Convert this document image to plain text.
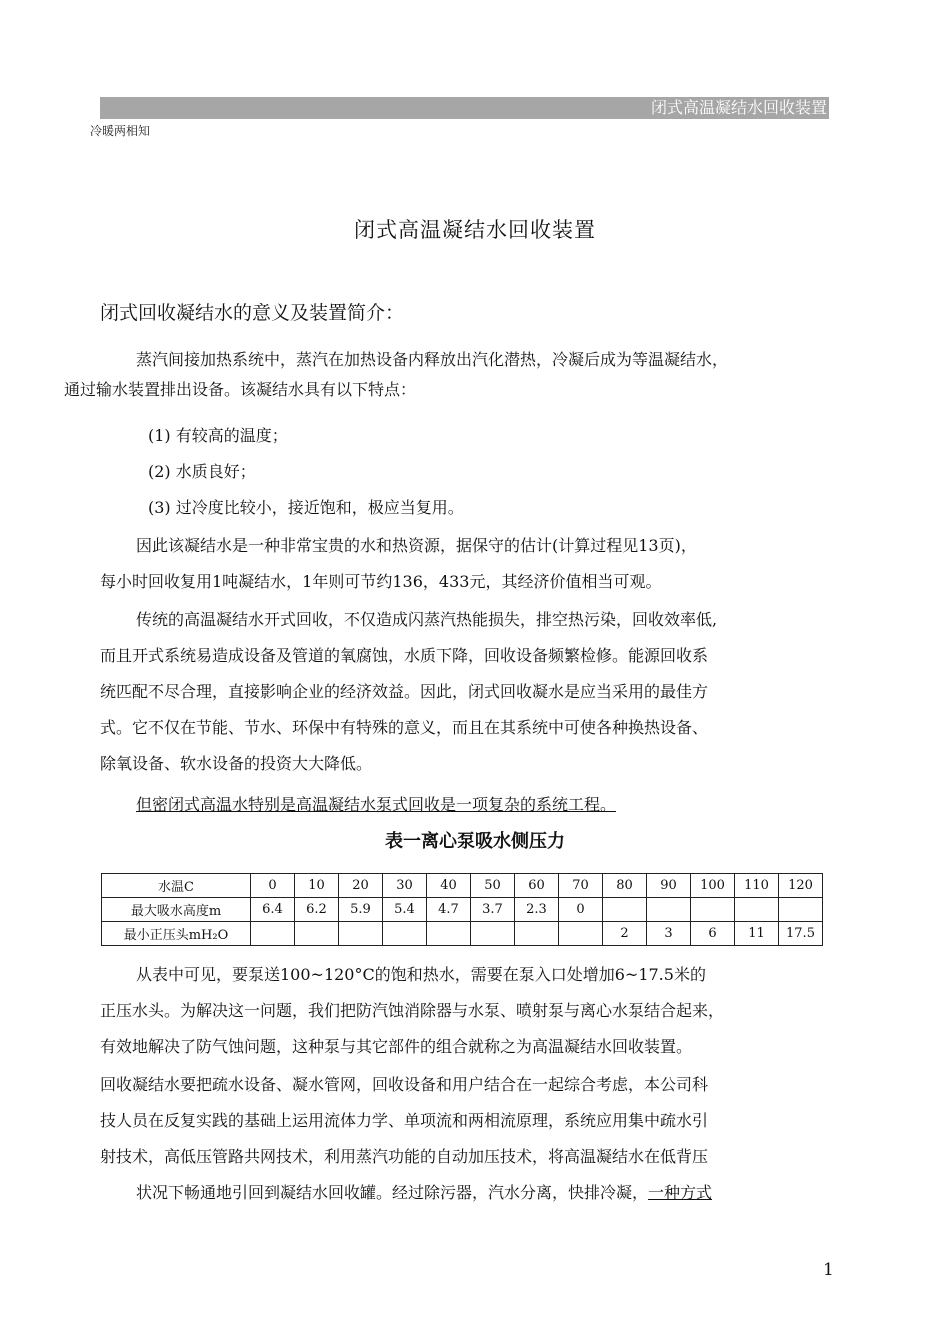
闭式高温凝结水回收装置
冷暖两相知
闭式高温凝结水回收装置
闭式回收凝结水的意义及装置简介：

蒸汽间接加热系统中，蒸汽在加热设备内释放出汽化潜热，冷凝后成为等温凝结水，
通过输水装置排出设备。该凝结水具有以下特点：

(1) 有较高的温度；
(2) 水质良好；
(3) 过冷度比较小，接近饱和，极应当复用。
因此该凝结水是一种非常宝贵的水和热资源，据保守的估计(计算过程见13页)，
每小时回收复用1吨凝结水，1年则可节约136，433元，其经济价值相当可观。
传统的高温凝结水开式回收，不仅造成闪蒸汽热能损失，排空热污染，回收效率低,
而且开式系统易造成设备及管道的氧腐蚀，水质下降，回收设备频繁检修。能源回收系
统匹配不尽合理，直接影响企业的经济效益。因此，闭式回收凝水是应当采用的最佳方
式。它不仅在节能、节水、环保中有特殊的意义，而且在其系统中可使各种换热设备、
除氧设备、软水设备的投资大大降低。
但密闭式高温水特别是高温凝结水泵式回收是一项复杂的系统工程。
表一离心泵吸水侧压力
水温C	0	10	20	30	40	50	60	70	80	90	100	110	120
最大吸水高度m	6.4	6.2	5.9	5.4	4.7	3.7	2.3	0					
最小正压头mH₂O									2	3	6	11	17.5
从表中可见，要泵送100~120°C的饱和热水，需要在泵入口处增加6~17.5米的
正压水头。为解决这一问题，我们把防汽蚀消除器与水泵、喷射泵与离心水泵结合起来，
有效地解决了防气蚀问题，这种泵与其它部件的组合就称之为高温凝结水回收装置。
回收凝结水要把疏水设备、凝水管网，回收设备和用户结合在一起综合考虑，本公司科
技人员在反复实践的基础上运用流体力学、单项流和两相流原理，系统应用集中疏水引
射技术，高低压管路共网技术，利用蒸汽功能的自动加压技术，将高温凝结水在低背压
状况下畅通地引回到凝结水回收罐。经过除污器，汽水分离，快排冷凝，一种方式
1
